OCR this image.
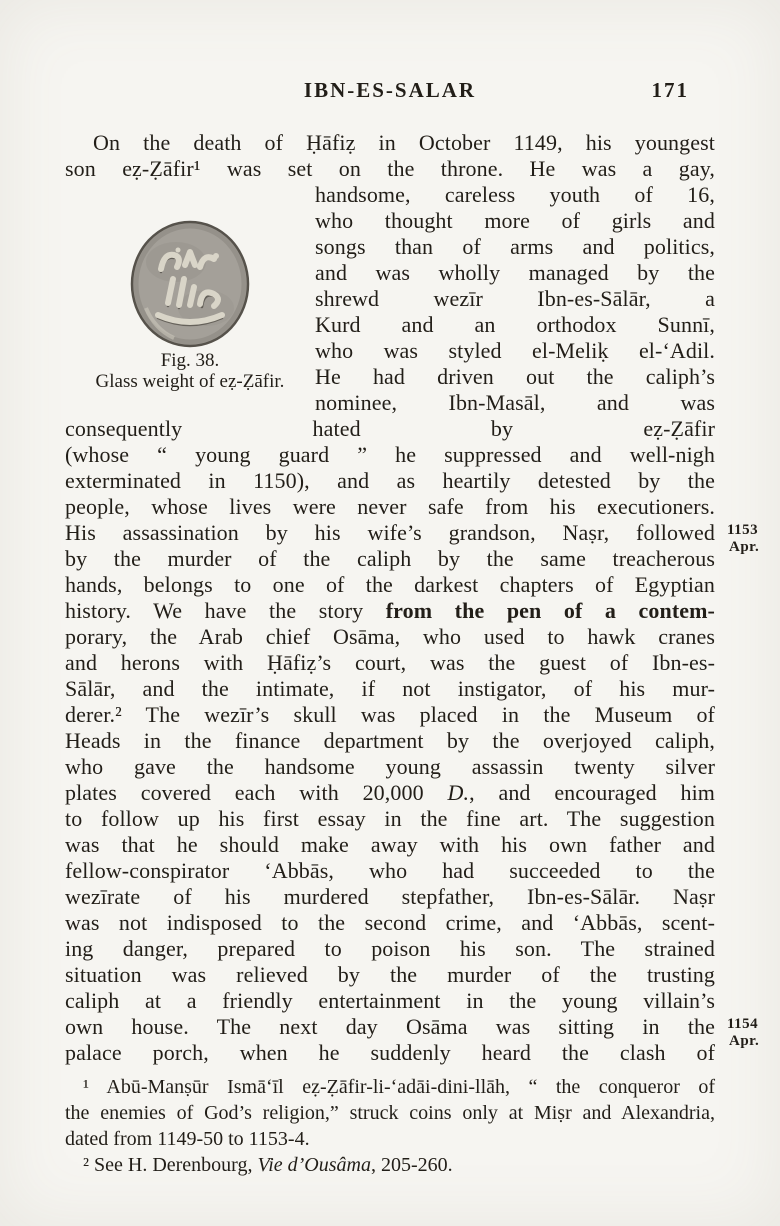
IBN-ES-SALAR	171
On the death of Ḥāfiẓ in October 1149, his youngest
son eẓ-Ẓāfir¹ was set on the throne. He was a gay,
Fig. 38.
Glass weight of eẓ-Ẓāfir.
handsome, careless youth of 16,
who thought more of girls and
songs than of arms and politics,
and was wholly managed by the
shrewd wezīr Ibn-es-Sālār, a
Kurd and an orthodox Sunnī,
who was styled el-Meliḳ el-‘Adil.
He had driven out the caliph’s
nominee, Ibn-Masāl, and was
consequently hated by eẓ-Ẓāfir
(whose “ young guard ” he suppressed and well-nigh
exterminated in 1150), and as heartily detested by the
people, whose lives were never safe from his executioners.
His assassination by his wife’s grandson, Naṣr, followed 1153
Apr.
by the murder of the caliph by the same treacherous
hands, belongs to one of the darkest chapters of Egyptian
history. We have the story from the pen of a contem-
porary, the Arab chief Osāma, who used to hawk cranes
and herons with Ḥāfiẓ’s court, was the guest of Ibn-es-
Sālār, and the intimate, if not instigator, of his mur-
derer.² The wezīr’s skull was placed in the Museum of
Heads in the finance department by the overjoyed caliph,
who gave the handsome young assassin twenty silver
plates covered each with 20,000 D., and encouraged him
to follow up his first essay in the fine art. The suggestion
was that he should make away with his own father and
fellow-conspirator ‘Abbās, who had succeeded to the
wezīrate of his murdered stepfather, Ibn-es-Sālār. Naṣr
was not indisposed to the second crime, and ‘Abbās, scent-
ing danger, prepared to poison his son. The strained
situation was relieved by the murder of the trusting
caliph at a friendly entertainment in the young villain’s
own house. The next day Osāma was sitting in the 1154
Apr.
palace porch, when he suddenly heard the clash of
¹ Abū-Manṣūr Ismā‘īl eẓ-Ẓāfir-li-‘adāi-dini-llāh, “ the conqueror of
the enemies of God’s religion,” struck coins only at Miṣr and Alexandria,
dated from 1149-50 to 1153-4.
² See H. Derenbourg, Vie d’Ousâma, 205-260.
